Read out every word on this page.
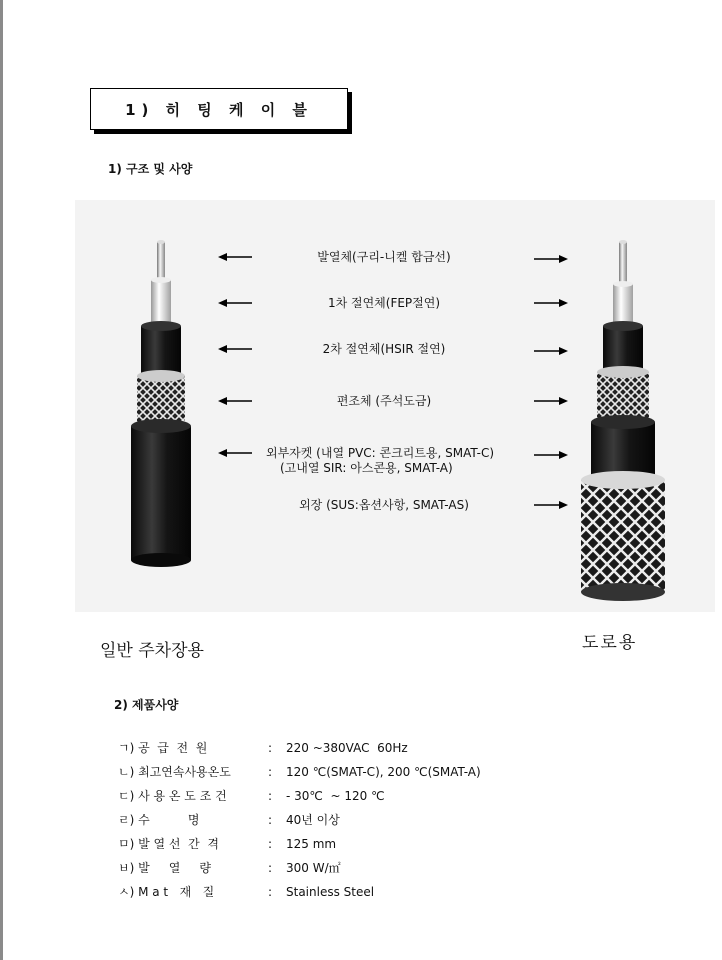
1) 히 팅 케 이 블
1) 구조 및 사양
발열체(구리-니켈 합금선)
1차 절연체(FEP절연)
2차 절연체(HSIR 절연)
편조체 (주석도금)
외부자켓 (내열 PVC: 콘크리트용, SMAT-C)
(고내열 SIR: 아스콘용, SMAT-A)
외장 (SUS:옵션사항, SMAT-AS)
일반 주차장용	도로용
2) 제품사양
ㄱ) 공  급  전  원	: 220 ~380VAC  60Hz
ㄴ) 최고연속사용온도	: 120 ℃(SMAT-C), 200 ℃(SMAT-A)
ㄷ) 사 용 온 도 조 건	: - 30℃  ~ 120 ℃
ㄹ) 수          명	: 40년 이상
ㅁ) 발 열 선  간  격	: 125 mm
ㅂ) 발     열     량	: 300 W/㎡
ㅅ) M a t   재   질	: Stainless Steel
